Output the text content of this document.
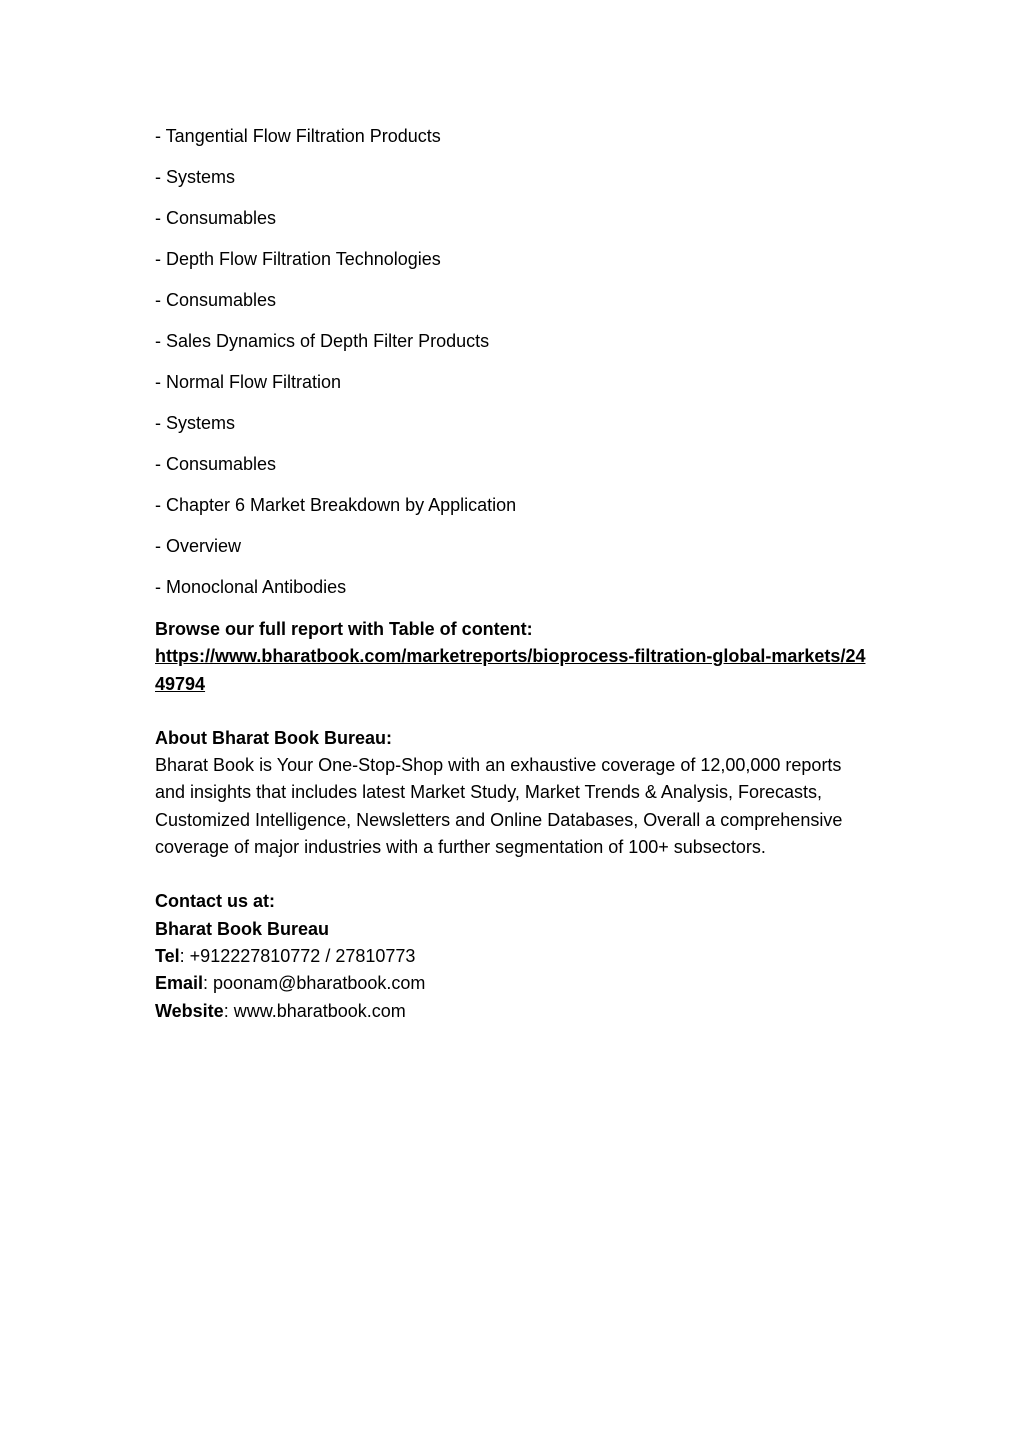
- Tangential Flow Filtration Products
- Systems
- Consumables
- Depth Flow Filtration Technologies
- Consumables
- Sales Dynamics of Depth Filter Products
- Normal Flow Filtration
- Systems
- Consumables
- Chapter 6 Market Breakdown by Application
- Overview
- Monoclonal Antibodies
Browse our full report with Table of content:
https://www.bharatbook.com/marketreports/bioprocess-filtration-global-markets/2449794
About Bharat Book Bureau:
Bharat Book is Your One-Stop-Shop with an exhaustive coverage of 12,00,000 reports and insights that includes latest Market Study, Market Trends & Analysis, Forecasts, Customized Intelligence, Newsletters and Online Databases, Overall a comprehensive coverage of major industries with a further segmentation of 100+ subsectors.
Contact us at:
Bharat Book Bureau
Tel: +912227810772 / 27810773
Email: poonam@bharatbook.com
Website: www.bharatbook.com
